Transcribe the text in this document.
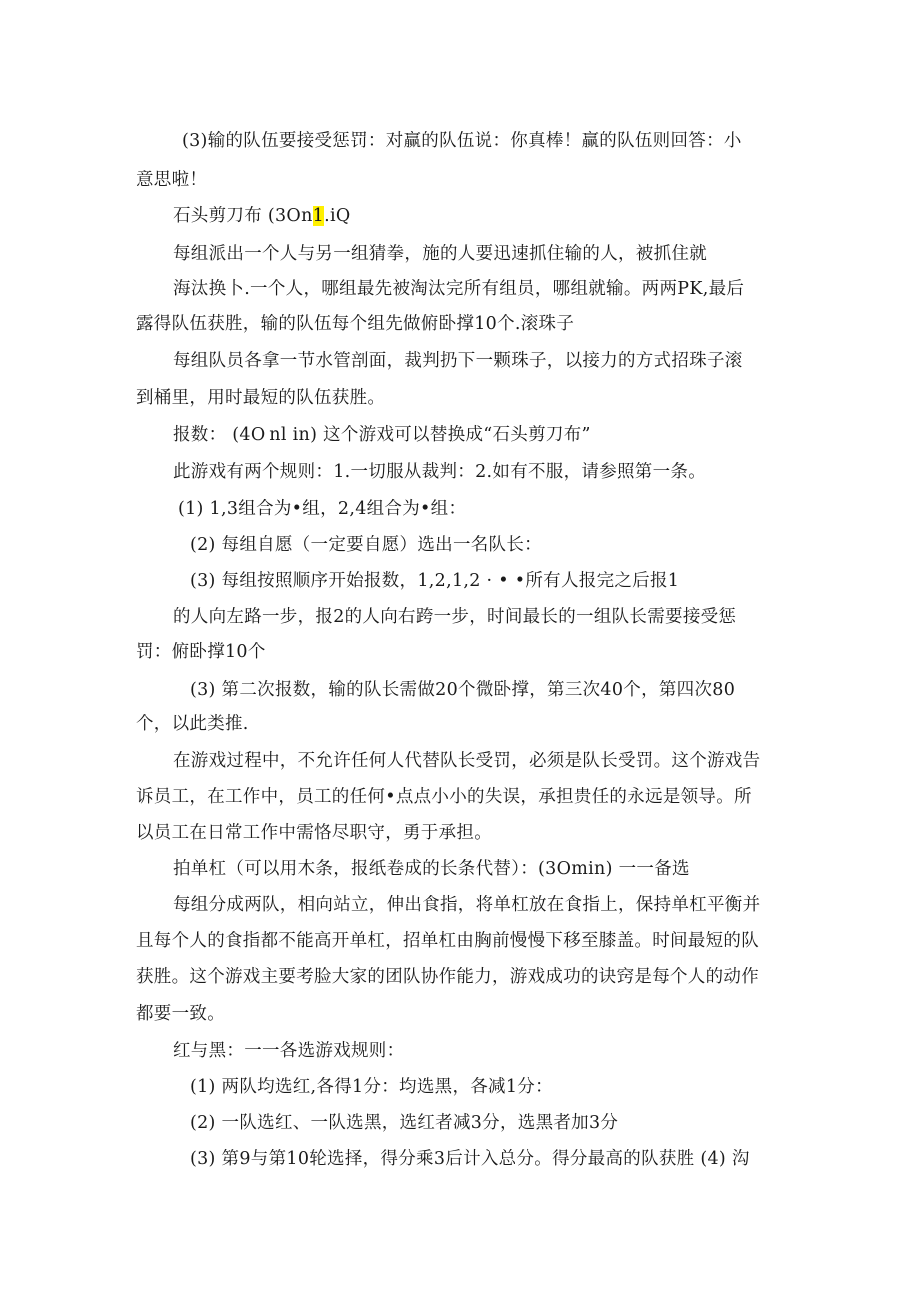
(3)输的队伍要接受惩罚：对赢的队伍说：你真棒！赢的队伍则回答：小
意思啦！
石头剪刀布 (3On1.iQ
每组派出一个人与另一组猜拳，施的人要迅速抓住输的人，被抓住就
海汰换卜.一个人，哪组最先被淘汰完所有组员，哪组就输。两两PK,最后
露得队伍获胜，输的队伍每个组先做俯卧撑10个.滚珠子
每组队员各拿一节水管剖面，裁判扔下一颗珠子，以接力的方式招珠子滚
到桶里，用时最短的队伍获胜。
报数： (4O nl in) 这个游戏可以替换成“石头剪刀布”
此游戏有两个规则：1.一切服从裁判：2.如有不服，请参照第一条。
(1) 1,3组合为•组，2,4组合为•组：
(2) 每组自愿（一定要自愿）选出一名队长：
(3) 每组按照顺序开始报数，1,2,1,2 · • •所有人报完之后报1
的人向左路一步，报2的人向右跨一步，时间最长的一组队长需要接受惩
罚：俯卧撑10个
(3) 第二次报数，输的队长需做20个微卧撑，第三次40个，第四次80
个，以此类推.
在游戏过程中，不允许任何人代替队长受罚，必须是队长受罚。这个游戏告
诉员工，在工作中，员工的任何•点点小小的失误，承担贵任的永远是领导。所
以员工在日常工作中需恪尽职守，勇于承担。
拍单杠（可以用木条，报纸卷成的长条代替）：(3Omin) 一一备选
每组分成两队，相向站立，伸出食指，将单杠放在食指上，保持单杠平衡并
且每个人的食指都不能高开单杠，招单杠由胸前慢慢下移至膝盖。时间最短的队
获胜。这个游戏主要考脸大家的团队协作能力，游戏成功的诀窍是每个人的动作
都要一致。
红与黑：一一各选游戏规则：
(1) 两队均选红,各得1分：均选黑，各减1分：
(2) 一队选红、一队选黑，选红者减3分，选黑者加3分
(3) 第9与第10轮选择，得分乘3后计入总分。得分最高的队获胜 (4) 沟
